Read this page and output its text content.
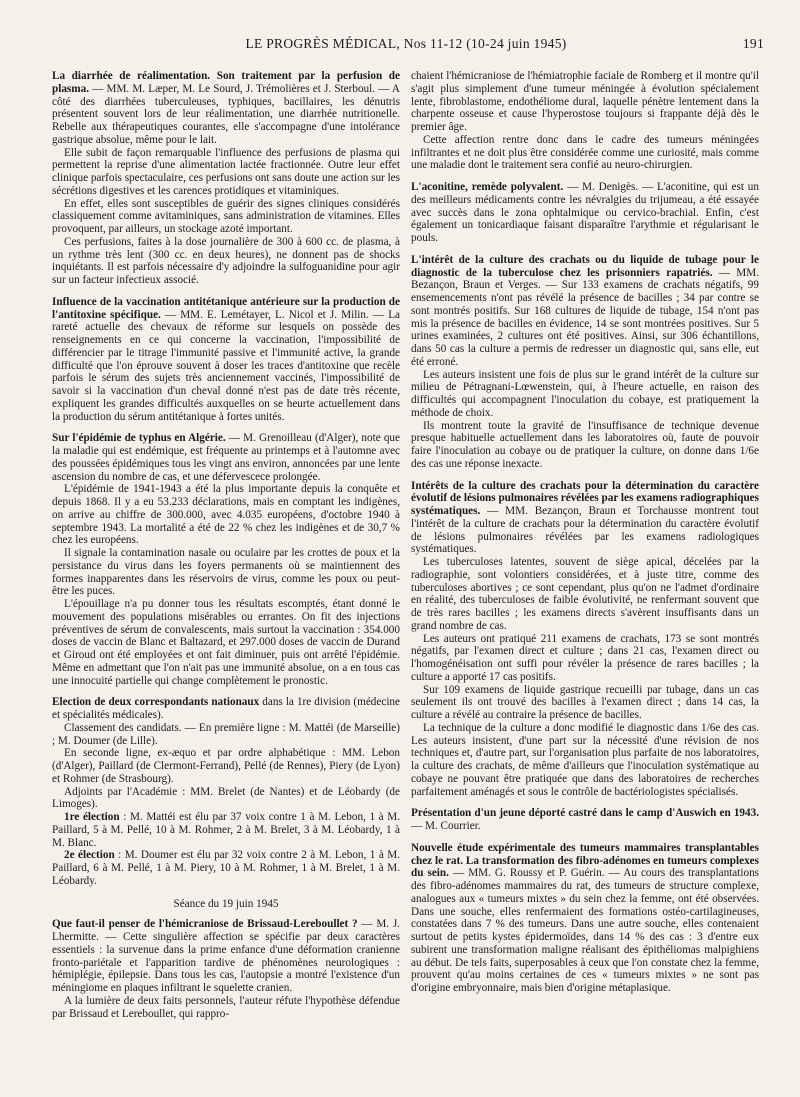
LE PROGRÈS MÉDICAL, Nos 11-12 (10-24 juin 1945)	191

La diarrhée de réalimentation. Son traitement par la perfusion de plasma. — MM. M. Læper, M. Le Sourd, J. Trémolières et J. Sterboul. — A côté des diarrhées tuberculeuses, typhiques, bacillaires, les dénutris présentent souvent lors de leur réalimentation, une diarrhée nutritionelle. Rebelle aux thérapeutiques courantes, elle s'accompagne d'une intolérance gastrique absolue, même pour le lait.

Elle subit de façon remarquable l'influence des perfusions de plasma qui permettent la reprise d'une alimentation lactée fractionnée. Outre leur effet clinique parfois spectaculaire, ces perfusions ont sans doute une action sur les sécrétions digestives et les carences protidiques et vitaminiques.

En effet, elles sont susceptibles de guérir des signes cliniques considérés classiquement comme avitaminiques, sans administration de vitamines. Elles provoquent, par ailleurs, un stockage azoté important.

Ces perfusions, faites à la dose journalière de 300 à 600 cc. de plasma, à un rythme très lent (300 cc. en deux heures), ne donnent pas de shocks inquiétants. Il est parfois nécessaire d'y adjoindre la sulfoguanidine pour agir sur un facteur infectieux associé.

Influence de la vaccination antitétanique antérieure sur la production de l'antitoxine spécifique. — MM. E. Lemétayer, L. Nicol et J. Milin. — La rareté actuelle des chevaux de réforme sur lesquels on possède des renseignements en ce qui concerne la vaccination, l'impossibilité de différencier par le titrage l'immunité passive et l'immunité active, la grande difficulté que l'on éprouve souvent à doser les traces d'antitoxine que recèle parfois le sérum des sujets très anciennement vaccinés, l'impossibilité de savoir si la vaccination d'un cheval donné n'est pas de date très récente, expliquent les grandes difficultés auxquelles on se heurte actuellement dans la production du sérum antitétanique à fortes unités.

Sur l'épidémie de typhus en Algérie. — M. Grenoilleau (d'Alger), note que la maladie qui est endémique, est fréquente au printemps et à l'automne avec des poussées épidémiques tous les vingt ans environ, annoncées par une lente ascension du nombre de cas, et une défervescece prolongée.

L'épidémie de 1941-1943 a été la plus importante depuis la conquête et depuis 1868. Il y a eu 53.233 déclarations, mais en comptant les indigènes, on arrive au chiffre de 300.000, avec 4.035 européens, d'octobre 1940 à septembre 1943. La mortalité a été de 22 % chez les indigènes et de 30,7 % chez les européens.

Il signale la contamination nasale ou oculaire par les crottes de poux et la persistance du virus dans les foyers permanents où se maintiennent des formes inapparentes dans les réservoirs de virus, comme les poux ou peut-être les puces.

L'épouillage n'a pu donner tous les résultats escomptés, étant donné le mouvement des populations misérables ou errantes. On fit des injections préventives de sérum de convalescents, mais surtout la vaccination : 354.000 doses de vaccin de Blanc et Baltazard, et 297.000 doses de vaccin de Durand et Giroud ont été employées et ont fait diminuer, puis ont arrêté l'épidémie. Même en admettant que l'on n'ait pas une immunité absolue, on a en tous cas une innocuité partielle qui change complètement le pronostic.

Election de deux correspondants nationaux dans la 1re division (médecine et spécialités médicales).

Classement des candidats. — En première ligne : M. Mattéi (de Marseille) ; M. Doumer (de Lille).

En seconde ligne, ex-æquo et par ordre alphabétique : MM. Lebon (d'Alger), Paillard (de Clermont-Ferrand), Pellé (de Rennes), Piery (de Lyon) et Rohmer (de Strasbourg).

Adjoints par l'Académie : MM. Brelet (de Nantes) et de Léobardy (de Limoges).

1re élection : M. Mattéi est élu par 37 voix contre 1 à M. Lebon, 1 à M. Paillard, 5 à M. Pellé, 10 à M. Rohmer, 2 à M. Brelet, 3 à M. Léobardy, 1 à M. Blanc.

2e élection : M. Doumer est élu par 32 voix contre 2 à M. Lebon, 1 à M. Paillard, 6 à M. Pellé, 1 à M. Piery, 10 à M. Rohmer, 1 à M. Brelet, 1 à M. Léobardy.

Séance du 19 juin 1945

Que faut-il penser de l'hémicraniose de Brissaud-Lereboullet ? — M. J. Lhermitte. — Cette singulière affection se spécifie par deux caractères essentiels : la survenue dans la prime enfance d'une déformation cranienne fronto-pariétale et l'apparition tardive de phénomènes neurologiques : hémiplégie, épilepsie. Dans tous les cas, l'autopsie a montré l'existence d'un méningiome en plaques infiltrant le squelette cranien.

A la lumière de deux faits personnels, l'auteur réfute l'hypothèse défendue par Brissaud et Lereboullet, qui rappro-

chaient l'hémicraniose de l'hémiatrophie faciale de Romberg et il montre qu'il s'agit plus simplement d'une tumeur méningée à évolution spécialement lente, fibroblastome, endothéliome dural, laquelle pénètre lentement dans la charpente osseuse et cause l'hyperostose toujours si frappante déjà dès le premier âge.

Cette affection rentre donc dans le cadre des tumeurs méningées infiltrantes et ne doit plus être considérée comme une curiosité, mais comme une maladie dont le traitement sera confié au neuro-chirurgien.

L'aconitine, remède polyvalent. — M. Denigès. — L'aconitine, qui est un des meilleurs médicaments contre les névralgies du trijumeau, a été essayée avec succès dans le zona ophtalmique ou cervico-brachial. Enfin, c'est également un tonicardiaque faisant disparaître l'arythmie et régularisant le pouls.

L'intérêt de la culture des crachats ou du liquide de tubage pour le diagnostic de la tuberculose chez les prisonniers rapatriés. — MM. Bezançon, Braun et Verges. — Sur 133 examens de crachats négatifs, 99 ensemencements n'ont pas révélé la présence de bacilles ; 34 par contre se sont montrés positifs. Sur 168 cultures de liquide de tubage, 154 n'ont pas mis la présence de bacilles en évidence, 14 se sont montrées positives. Sur 5 urines examinées, 2 cultures ont été positives. Ainsi, sur 306 échantillons, dans 50 cas la culture a permis de redresser un diagnostic qui, sans elle, eut été erroné.

Les auteurs insistent une fois de plus sur le grand intérêt de la culture sur milieu de Pétragnani-Lœwenstein, qui, à l'heure actuelle, en raison des difficultés qui accompagnent l'inoculation du cobaye, est pratiquement la méthode de choix.

Ils montrent toute la gravité de l'insuffisance de technique devenue presque habituelle actuellement dans les laboratoires où, faute de pouvoir faire l'inoculation au cobaye ou de pratiquer la culture, on donne dans 1/6e des cas une réponse inexacte.

Intérêts de la culture des crachats pour la détermination du caractère évolutif de lésions pulmonaires révélées par les examens radiographiques systématiques. — MM. Bezançon, Braun et Torchausse montrent tout l'intérêt de la culture de crachats pour la détermination du caractère évolutif de lésions pulmonaires révélées par les examens radiologiques systématiques.

Les tuberculoses latentes, souvent de siège apical, décelées par la radiographie, sont volontiers considérées, et à juste titre, comme des tuberculoses abortives ; ce sont cependant, plus qu'on ne l'admet d'ordinaire en réalité, des tuberculoses de faible évolutivité, ne renfermant souvent que de très rares bacilles ; les examens directs s'avèrent insuffisants dans un grand nombre de cas.

Les auteurs ont pratiqué 211 examens de crachats, 173 se sont montrés négatifs, par l'examen direct et culture ; dans 21 cas, l'examen direct ou l'homogénéisation ont suffi pour révéler la présence de rares bacilles ; la culture a apporté 17 cas positifs.

Sur 109 examens de liquide gastrique recueilli par tubage, dans un cas seulement ils ont trouvé des bacilles à l'examen direct ; dans 14 cas, la culture a révélé au contraire la présence de bacilles.

La technique de la culture a donc modifié le diagnostic dans 1/6e des cas. Les auteurs insistent, d'une part sur la nécessité d'une révision de nos techniques et, d'autre part, sur l'organisation plus parfaite de nos laboratoires, la culture des crachats, de même d'ailleurs que l'inoculation systématique au cobaye ne pouvant être pratiquée que dans des laboratoires de recherches parfaitement aménagés et sous le contrôle de bactériologistes spécialisés.

Présentation d'un jeune déporté castré dans le camp d'Auswich en 1943. — M. Courrier.

Nouvelle étude expérimentale des tumeurs mammaires transplantables chez le rat. La transformation des fibro-adénomes en tumeurs complexes du sein. — MM. G. Roussy et P. Guérin. — Au cours des transplantations des fibro-adénomes mammaires du rat, des tumeurs de structure complexe, analogues aux « tumeurs mixtes » du sein chez la femme, ont été observées. Dans une souche, elles renfermaient des formations ostéo-cartilagineuses, constatées dans 7 % des tumeurs. Dans une autre souche, elles contenaient surtout de petits kystes épidermoïdes, dans 14 % des cas : 3 d'entre eux subirent une transformation maligne réalisant des épithéliomas malpighiens au début. De tels faits, superposables à ceux que l'on constate chez la femme, prouvent qu'au moins certaines de ces « tumeurs mixtes » ne sont pas d'origine embryonnaire, mais bien d'origine métaplasique.
